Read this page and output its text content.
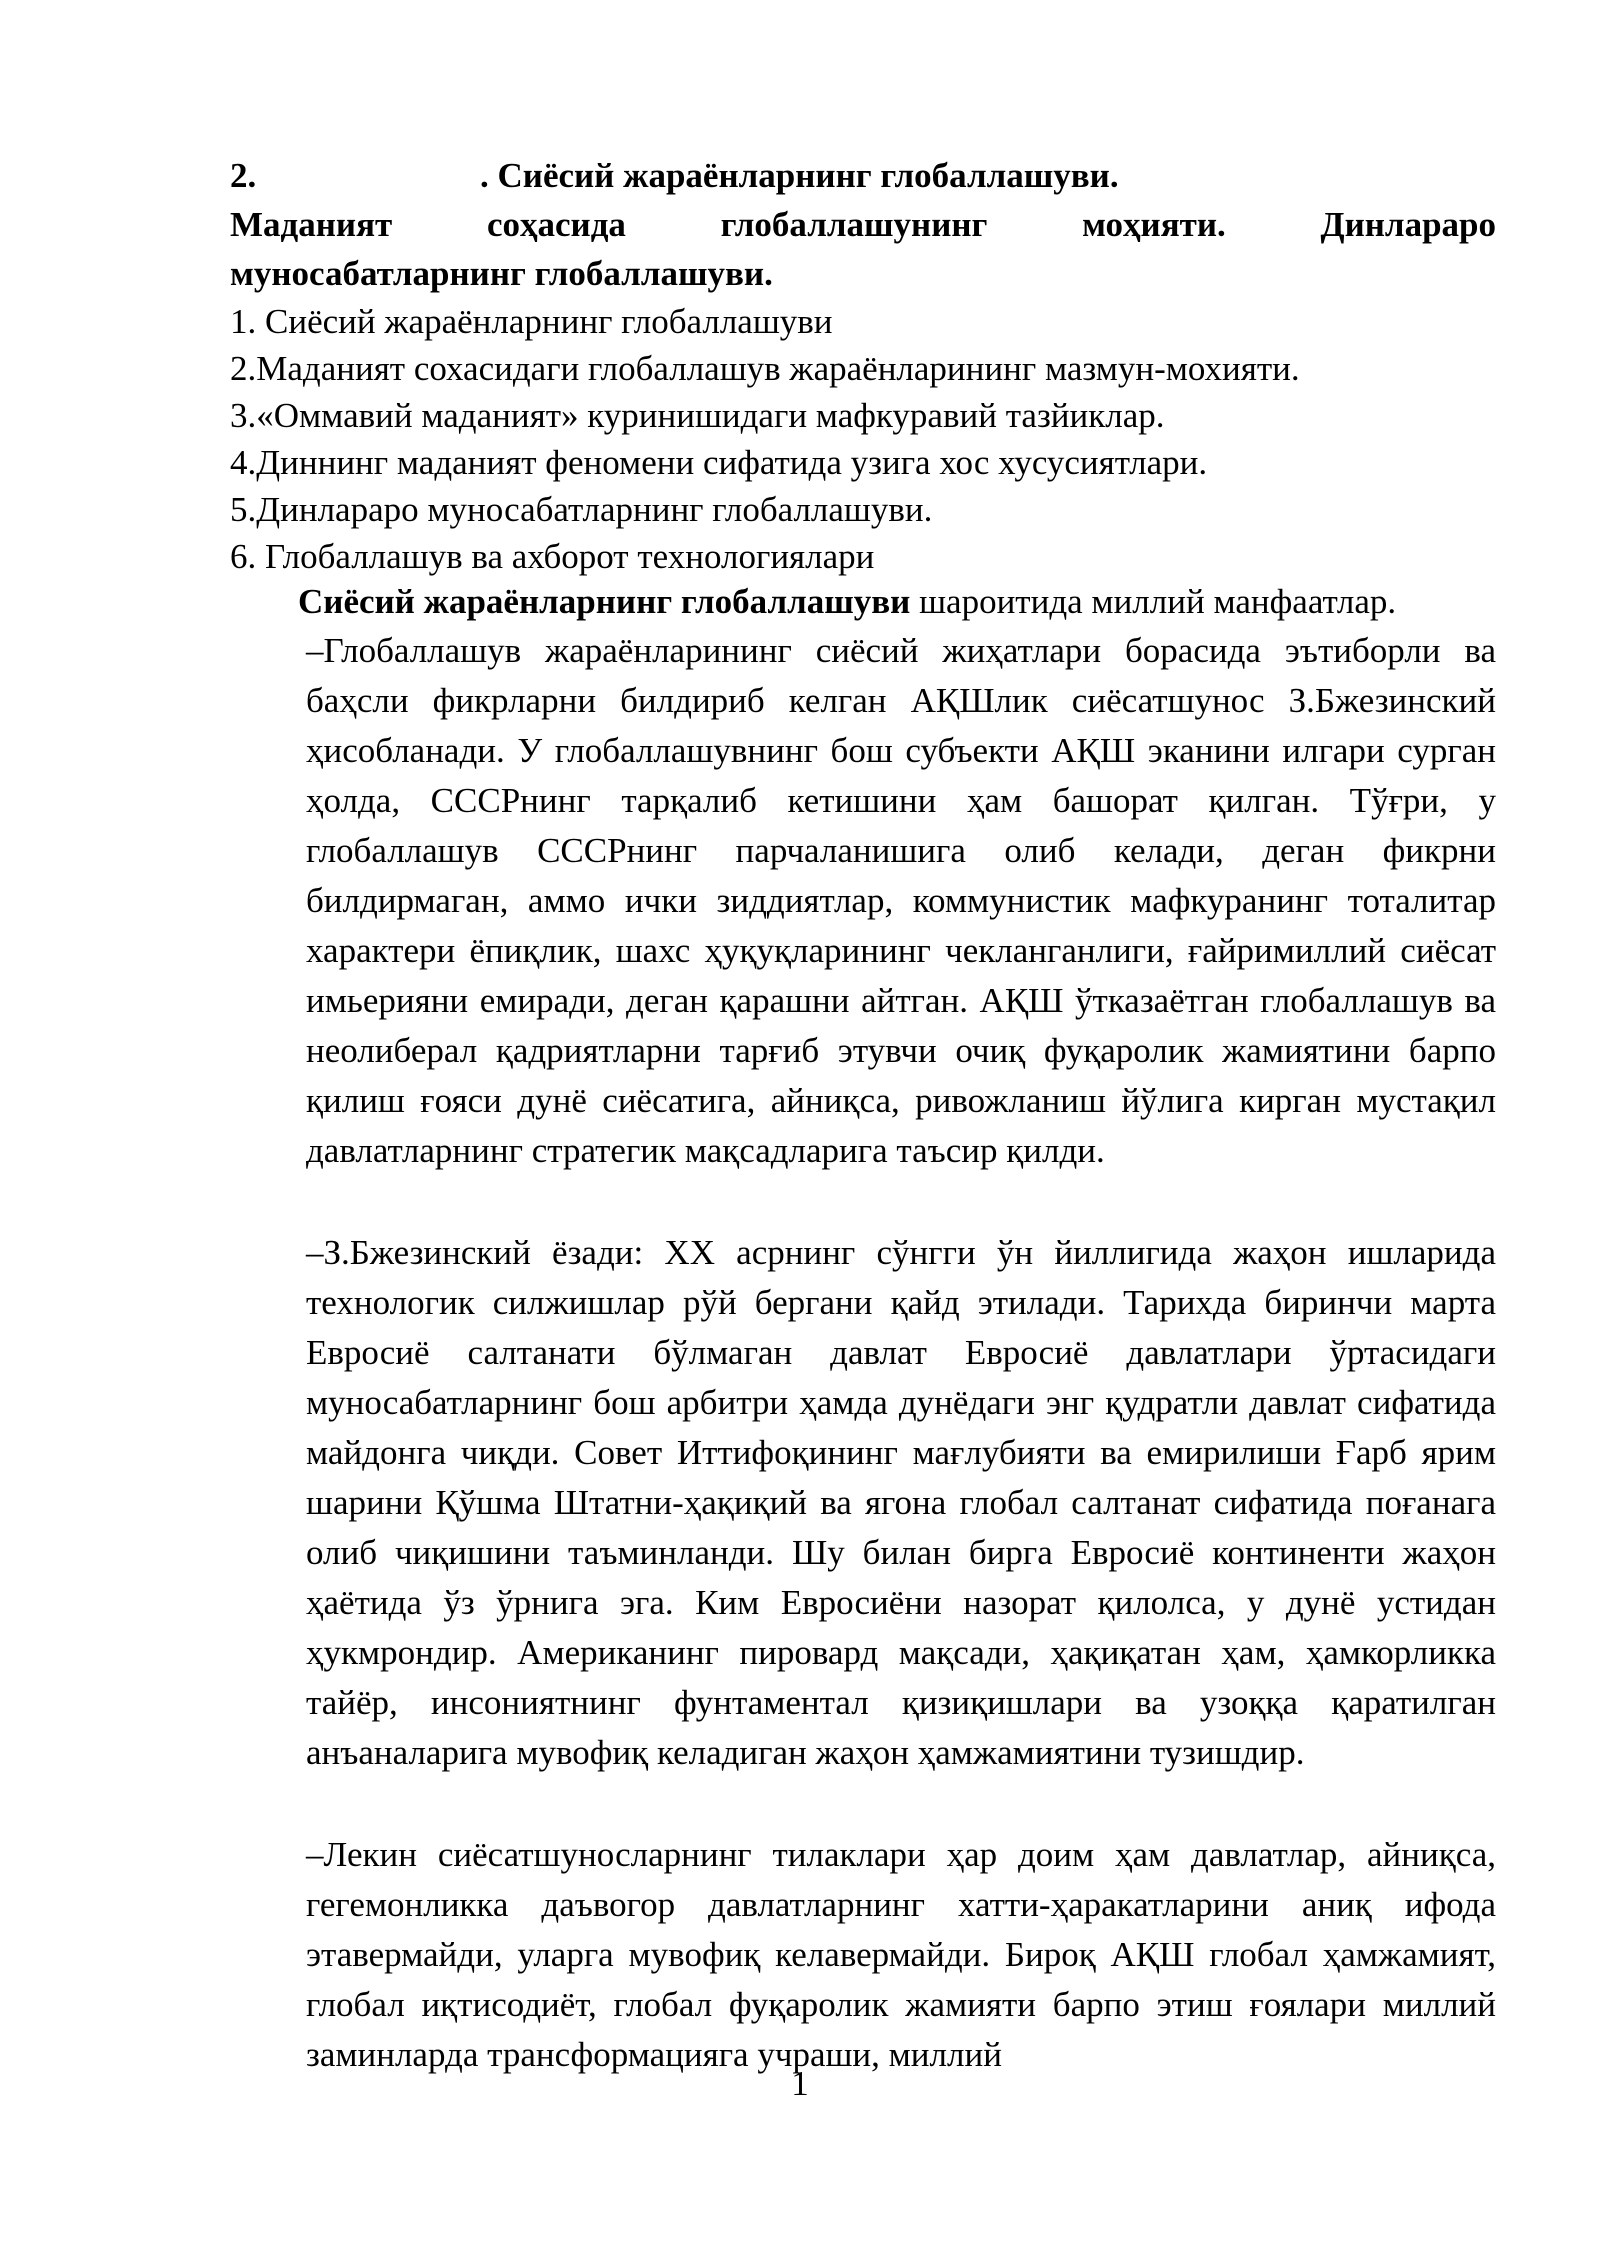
2.	. Сиёсий жараёнларнинг глобаллашуви.

Маданият соҳасида глобаллашунинг моҳияти. Динлараро

муносабатларнинг глобаллашуви.

1. Сиёсий жараёнларнинг глобаллашуви
2.Маданият сохасидаги глобаллашув жараёнларининг мазмун-мохияти.
3.«Оммавий маданият» куринишидаги мафкуравий тазйиклар.
4.Диннинг маданият феномени сифатида узига хос хусусиятлари.
5.Динлараро муносабатларнинг глобаллашуви.
6. Глобаллашув ва ахборот технологиялари

Сиёсий жараёнларнинг глобаллашуви шароитида миллий манфаатлар.

–Глобаллашув жараёнларининг сиёсий жиҳатлари борасида эътиборли ва баҳсли фикрларни билдириб келган АҚШлик сиёсатшунос З.Бжезинский ҳисобланади. У глобаллашувнинг бош субъекти АҚШ эканини илгари сурган ҳолда, СССРнинг тарқалиб кетишини ҳам башорат қилган. Тўғри, у глобаллашув СССРнинг парчаланишига олиб келади, деган фикрни билдирмаган, аммо ички зиддиятлар, коммунистик мафкуранинг тоталитар характери ёпиқлик, шахс ҳуқуқларининг чекланганлиги, ғайримиллий сиёсат имьерияни емиради, деган қарашни айтган. АҚШ ўтказаётган глобаллашув ва неолиберал қадриятларни тарғиб этувчи очиқ фуқаролик жамиятини барпо қилиш ғояси дунё сиёсатига, айниқса, ривожланиш йўлига кирган мустақил давлатларнинг стратегик мақсадларига таъсир қилди.

–З.Бжезинский ёзади: XX асрнинг сўнгги ўн йиллигида жаҳон ишларида технологик силжишлар рўй бергани қайд этилади. Тарихда биринчи марта Евросиё салтанати бўлмаган давлат Евросиё давлатлари ўртасидаги муносабатларнинг бош арбитри ҳамда дунёдаги энг қудратли давлат сифатида майдонга чиқди. Совет Иттифоқининг мағлубияти ва емирилиши Ғарб ярим шарини Қўшма Штатни-ҳақиқий ва ягона глобал салтанат сифатида поғанага олиб чиқишини таъминланди. Шу билан бирга Евросиё континенти жаҳон ҳаётида ўз ўрнига эга. Ким Евросиёни назорат қилолса, у дунё устидан ҳукмрондир. Американинг пировард мақсади, ҳақиқатан ҳам, ҳамкорликка тайёр, инсониятнинг фунтаментал қизиқишлари ва узоққа қаратилган анъаналарига мувофиқ келадиган жаҳон ҳамжамиятини тузишдир.

–Лекин сиёсатшуносларнинг тилаклари ҳар доим ҳам давлатлар, айниқса, гегемонликка даъвогор давлатларнинг хатти-ҳаракатларини аниқ ифода этавермайди, уларга мувофиқ келавермайди. Бироқ АҚШ глобал ҳамжамият, глобал иқтисодиёт, глобал фуқаролик жамияти барпо этиш ғоялари миллий заминларда трансформацияга учраши, миллий

1
